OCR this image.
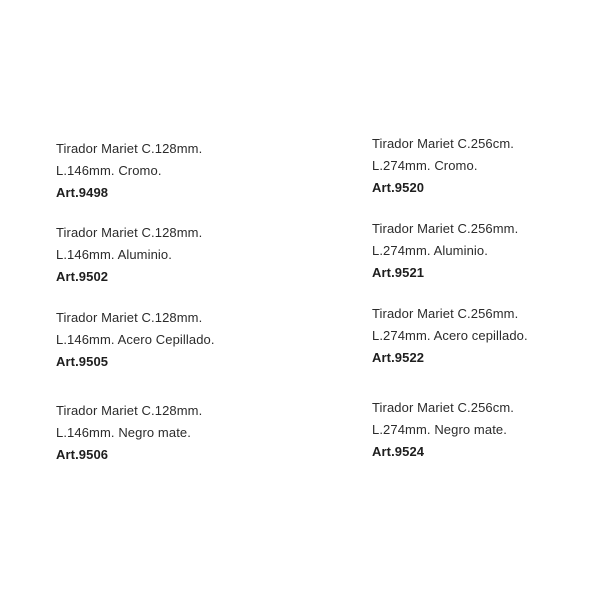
Tirador Mariet C.128mm.
L.146mm. Cromo.
Art.9498
Tirador Mariet C.128mm.
L.146mm. Aluminio.
Art.9502
Tirador Mariet C.128mm.
L.146mm. Acero Cepillado.
Art.9505
Tirador Mariet C.128mm.
L.146mm. Negro mate.
Art.9506
Tirador Mariet C.256cm.
L.274mm. Cromo.
Art.9520
Tirador Mariet C.256mm.
L.274mm. Aluminio.
Art.9521
Tirador Mariet C.256mm.
L.274mm. Acero cepillado.
Art.9522
Tirador Mariet C.256cm.
L.274mm. Negro mate.
Art.9524
